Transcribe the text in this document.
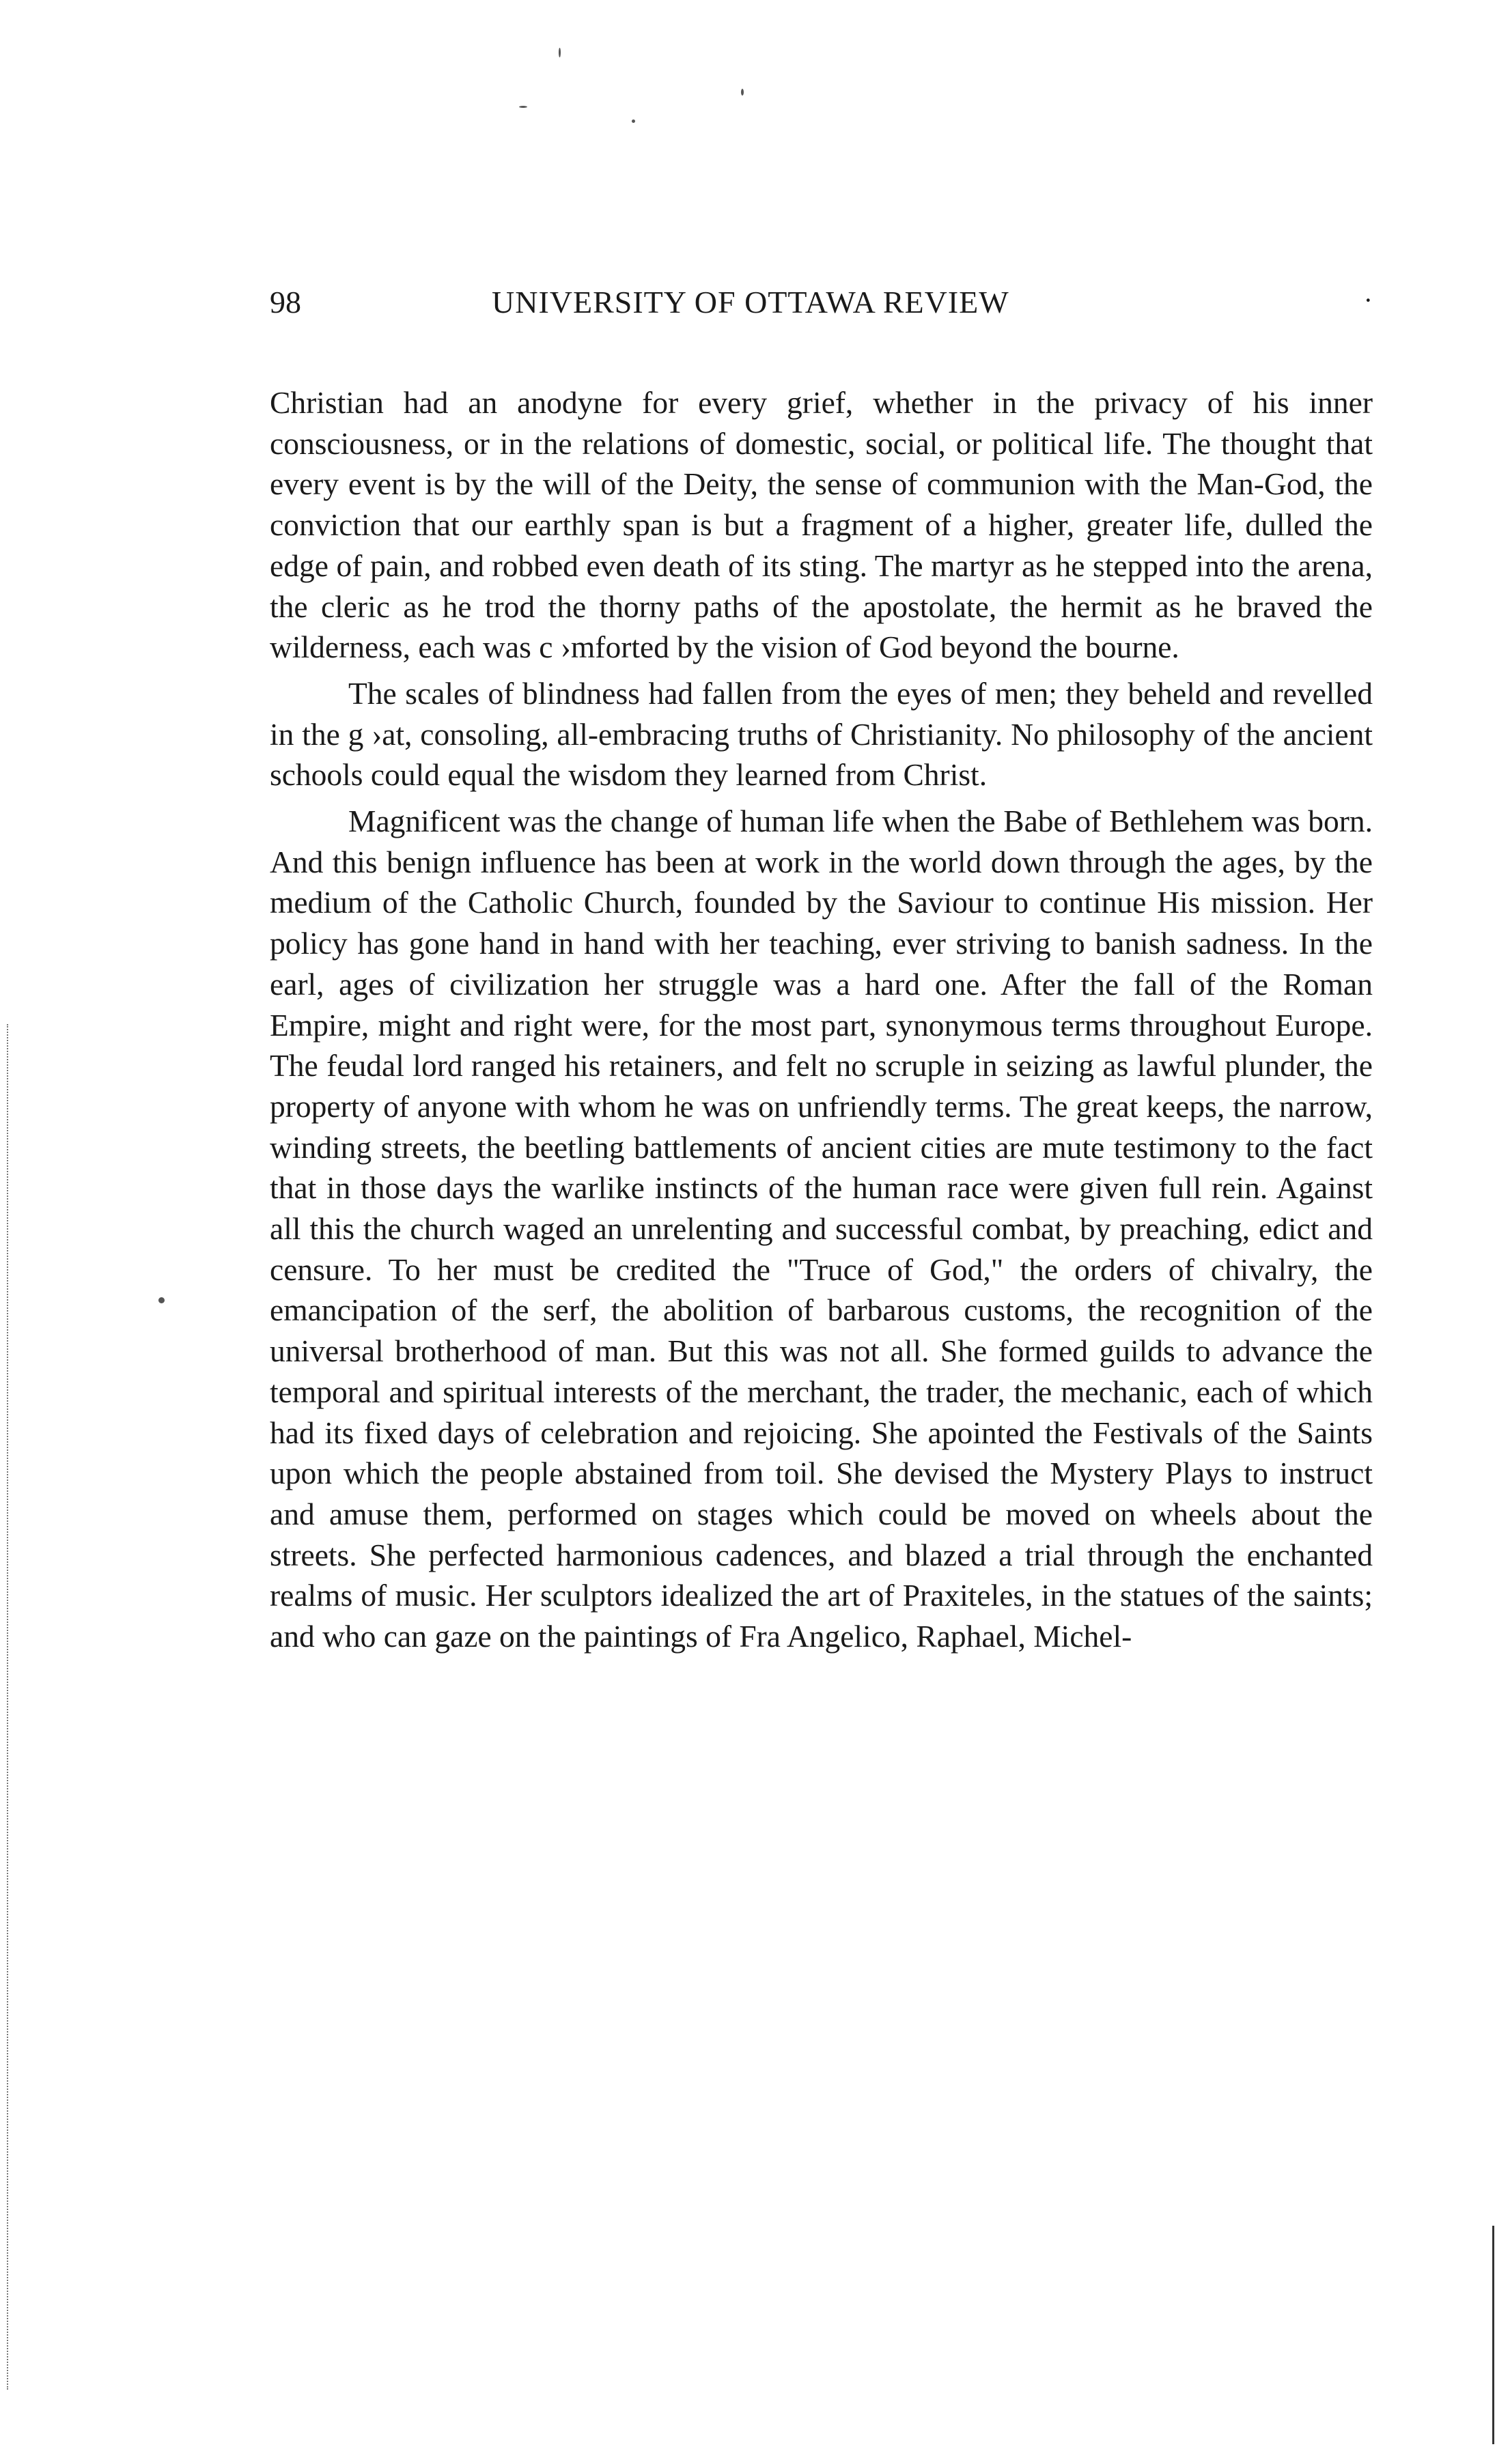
98	UNIVERSITY OF OTTAWA REVIEW	·

Christian had an anodyne for every grief, whether in the privacy of his inner consciousness, or in the relations of domestic, social, or political life. The thought that every event is by the will of the Deity, the sense of communion with the Man-God, the conviction that our earthly span is but a fragment of a higher, greater life, dulled the edge of pain, and robbed even death of its sting. The martyr as he stepped into the arena, the cleric as he trod the thorny paths of the apostolate, the hermit as he braved the wilderness, each was c ›mforted by the vision of God beyond the bourne.

The scales of blindness had fallen from the eyes of men; they beheld and revelled in the g ›at, consoling, all-embracing truths of Christianity. No philosophy of the ancient schools could equal the wisdom they learned from Christ.

Magnificent was the change of human life when the Babe of Bethlehem was born. And this benign influence has been at work in the world down through the ages, by the medium of the Catholic Church, founded by the Saviour to continue His mission. Her policy has gone hand in hand with her teaching, ever striving to banish sadness. In the earl, ages of civilization her struggle was a hard one. After the fall of the Roman Empire, might and right were, for the most part, synonymous terms throughout Europe. The feudal lord ranged his retainers, and felt no scruple in seizing as lawful plunder, the property of anyone with whom he was on unfriendly terms. The great keeps, the narrow, winding streets, the beetling battlements of ancient cities are mute testimony to the fact that in those days the warlike instincts of the human race were given full rein. Against all this the church waged an unrelenting and successful combat, by preaching, edict and censure. To her must be credited the "Truce of God," the orders of chivalry, the emancipation of the serf, the abolition of barbarous customs, the recognition of the universal brotherhood of man. But this was not all. She formed guilds to advance the temporal and spiritual interests of the merchant, the trader, the mechanic, each of which had its fixed days of celebration and rejoicing. She apointed the Festivals of the Saints upon which the people abstained from toil. She devised the Mystery Plays to instruct and amuse them, performed on stages which could be moved on wheels about the streets. She perfected harmonious cadences, and blazed a trial through the enchanted realms of music. Her sculptors idealized the art of Praxiteles, in the statues of the saints; and who can gaze on the paintings of Fra Angelico, Raphael, Michel-
